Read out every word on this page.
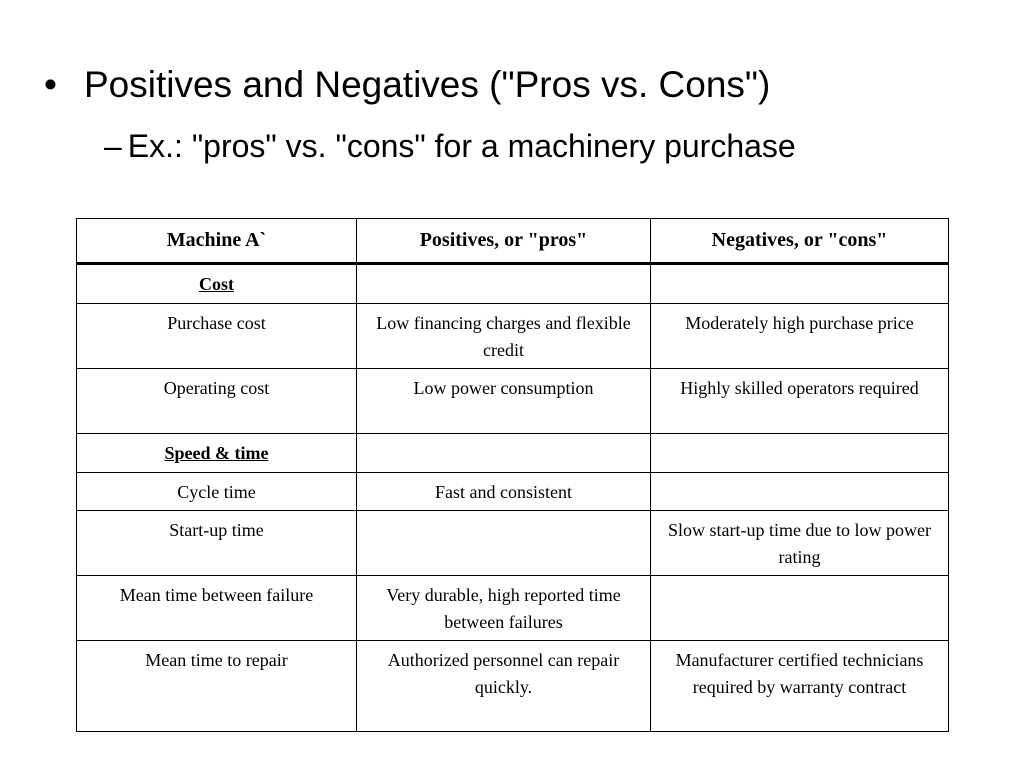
• Positives and Negatives ("Pros vs. Cons")
– Ex.: "pros" vs. "cons" for a machinery purchase
Machine A`	Positives, or "pros"	Negatives, or "cons"
Cost		
Purchase cost	Low financing charges and flexible credit	Moderately high purchase price
Operating cost	Low power consumption	Highly skilled operators required
Speed & time		
Cycle time	Fast and consistent	
Start-up time		Slow start-up time due to low power rating
Mean time between failure	Very durable, high reported time between failures	
Mean time to repair	Authorized personnel can repair quickly.	Manufacturer certified technicians required by warranty contract
